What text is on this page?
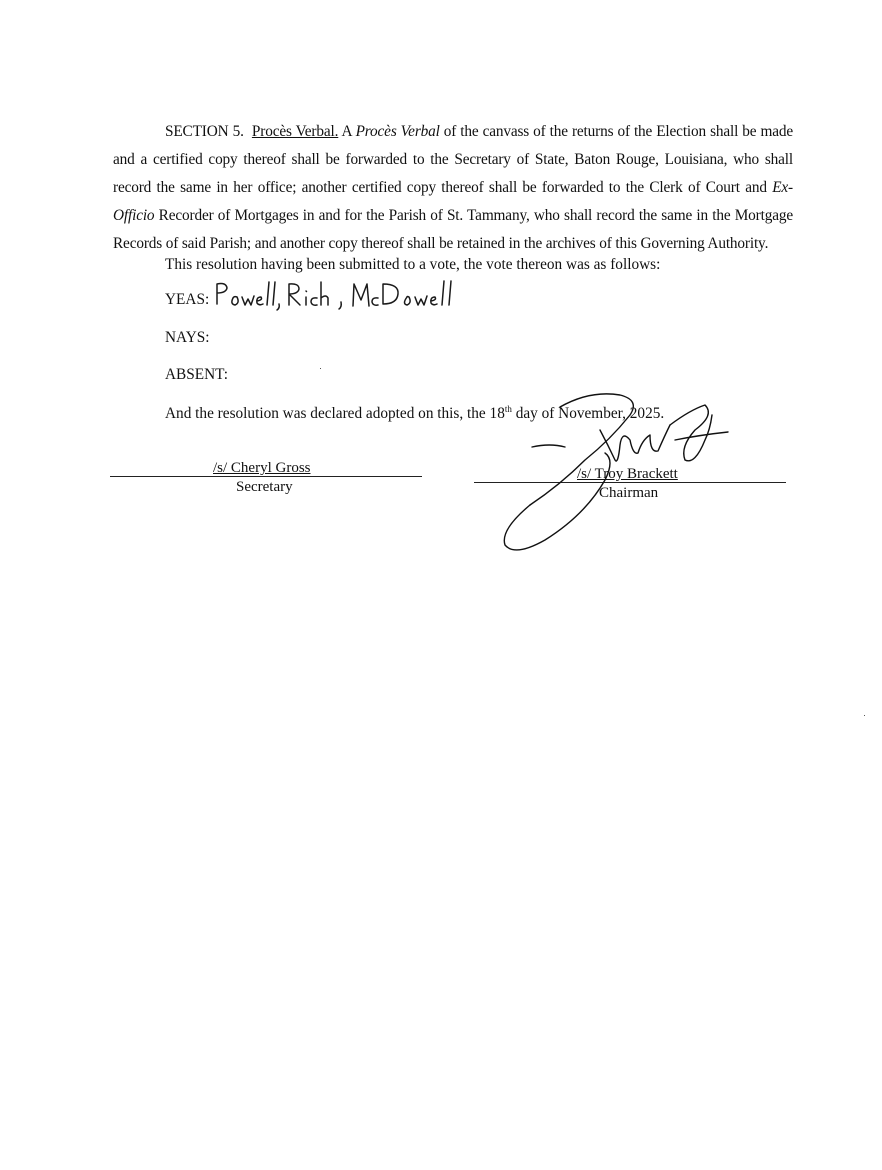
SECTION 5. Procès Verbal. A Procès Verbal of the canvass of the returns of the Election shall be made and a certified copy thereof shall be forwarded to the Secretary of State, Baton Rouge, Louisiana, who shall record the same in her office; another certified copy thereof shall be forwarded to the Clerk of Court and Ex-Officio Recorder of Mortgages in and for the Parish of St. Tammany, who shall record the same in the Mortgage Records of said Parish; and another copy thereof shall be retained in the archives of this Governing Authority.

This resolution having been submitted to a vote, the vote thereon was as follows:
YEAS:
NAYS:
ABSENT:
And the resolution was declared adopted on this, the 18th day of November, 2025.
/s/ Cheryl Gross
Secretary
/s/ Troy Brackett
Chairman
